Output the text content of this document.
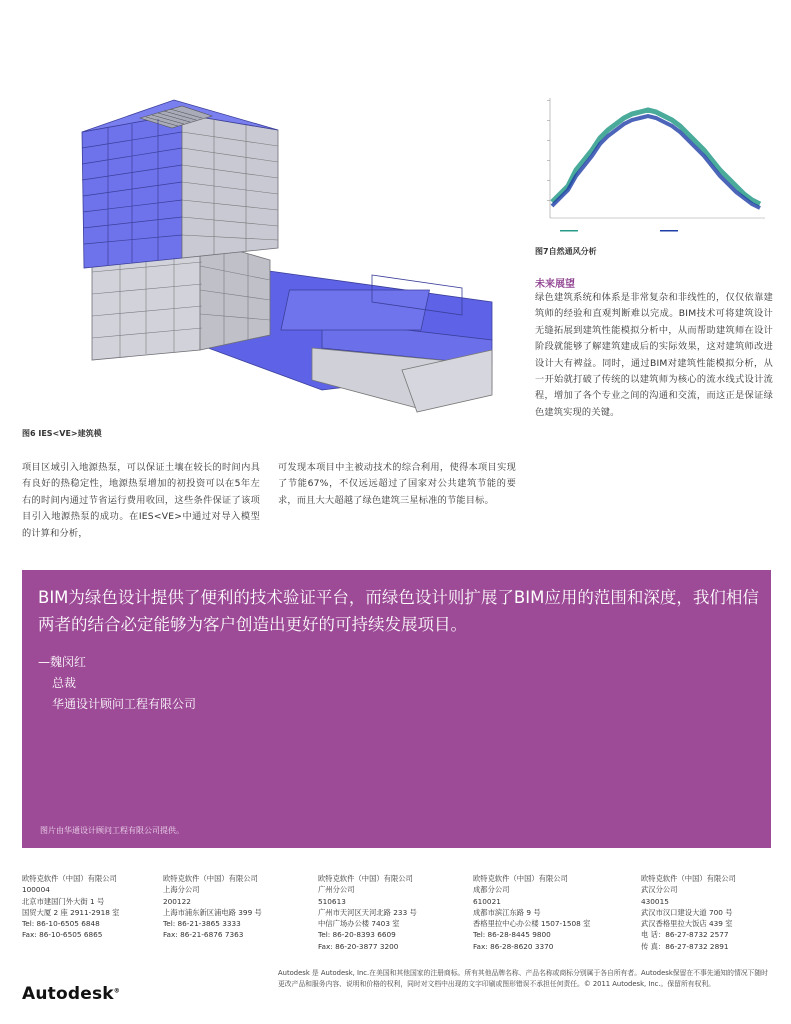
图6 IES<VE>建筑模
图7自然通风分析
未来展望
绿色建筑系统和体系是非常复杂和非线性的，仅仅依靠建筑师的经验和直观判断难以完成。BIM技术可将建筑设计无缝拓展到建筑性能模拟分析中，从而帮助建筑师在设计阶段就能够了解建筑建成后的实际效果，这对建筑师改进设计大有裨益。同时，通过BIM对建筑性能模拟分析，从一开始就打破了传统的以建筑师为核心的流水线式设计流程，增加了各个专业之间的沟通和交流，而这正是保证绿色建筑实现的关键。
项目区域引入地源热泵，可以保证土壤在较长的时间内具有良好的热稳定性，地源热泵增加的初投资可以在5年左右的时间内通过节省运行费用收回，这些条件保证了该项目引入地源热泵的成功。在IES<VE>中通过对导入模型的计算和分析，
可发现本项目中主被动技术的综合利用，使得本项目实现了节能67%，不仅远远超过了国家对公共建筑节能的要求，而且大大超越了绿色建筑三星标准的节能目标。
BIM为绿色设计提供了便利的技术验证平台，而绿色设计则扩展了BIM应用的范围和深度，我们相信两者的结合必定能够为客户创造出更好的可持续发展项目。
—魏闵红
总裁
华通设计顾问工程有限公司
图片由华通设计顾问工程有限公司提供。
欧特克软件（中国）有限公司
100004
北京市建国门外大街 1 号
国贸大厦 2 座 2911-2918 室
Tel: 86-10-6505 6848
Fax: 86-10-6505 6865
欧特克软件（中国）有限公司
上海分公司
200122
上海市浦东新区浦电路 399 号
Tel: 86-21-3865 3333
Fax: 86-21-6876 7363
欧特克软件（中国）有限公司
广州分公司
510613
广州市天河区天河北路 233 号
中信广场办公楼 7403 室
Tel: 86-20-8393 6609
Fax: 86-20-3877 3200
欧特克软件（中国）有限公司
成都分公司
610021
成都市滨江东路 9 号
香格里拉中心办公楼 1507-1508 室
Tel: 86-28-8445 9800
Fax: 86-28-8620 3370
欧特克软件（中国）有限公司
武汉分公司
430015
武汉市汉口建设大道 700 号
武汉香格里拉大饭店 439 室
电 话：86-27-8732 2577
传 真：86-27-8732 2891
Autodesk®
Autodesk 是 Autodesk, Inc.在美国和其他国家的注册商标。所有其他品牌名称、产品名称或商标分别属于各自所有者。Autodesk保留在不事先通知的情况下随时更改产品和服务内容、说明和价格的权利，同时对文档中出现的文字印刷或图形错误不承担任何责任。© 2011 Autodesk, Inc.。保留所有权利。
